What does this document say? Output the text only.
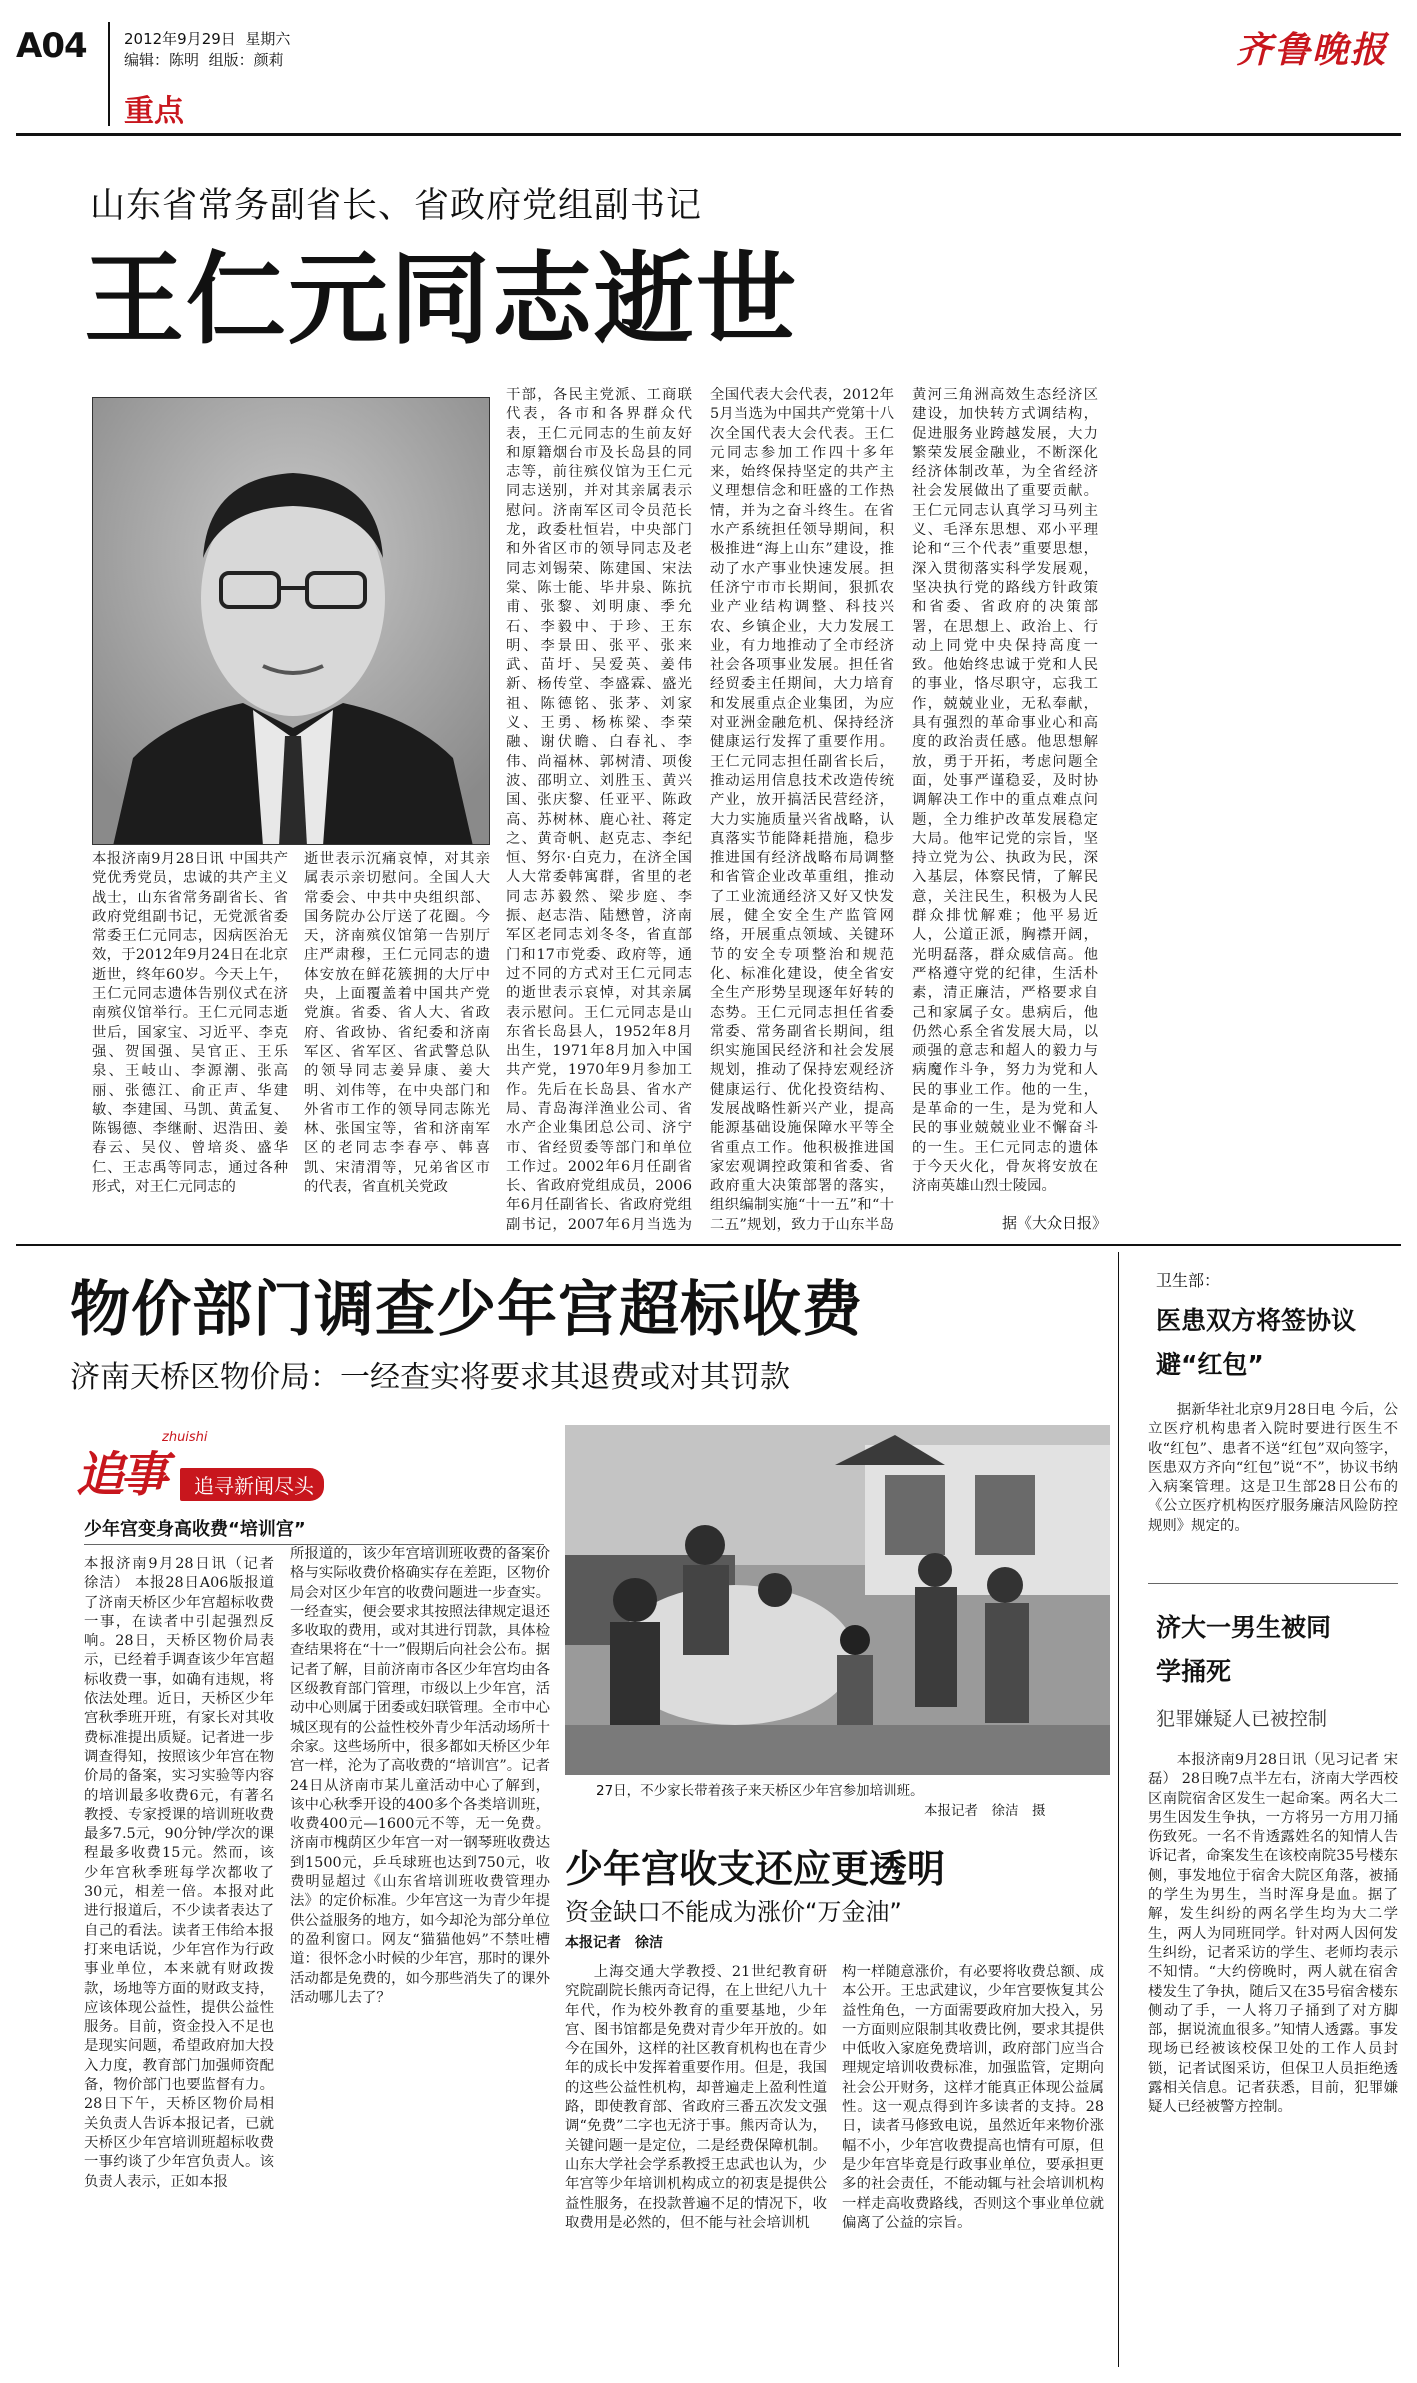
A04 2012年9月29日 星期六
编辑：陈明 组版：颜莉
重点
齐鲁晚报
山东省常务副省长、省政府党组副书记
王仁元同志逝世

本报济南9月28日讯 中国共产党优秀党员，忠诚的共产主义战士，山东省常务副省长、省政府党组副书记，无党派省委常委王仁元同志，因病医治无效，于2012年9月24日在北京逝世，终年60岁。今天上午，王仁元同志遗体告别仪式在济南殡仪馆举行。王仁元同志逝世后，国家宝、习近平、李克强、贺国强、吴官正、王乐泉、王岐山、李源潮、张高丽、张德江、俞正声、华建敏、李建国、马凯、黄孟复、陈锡德、李继耐、迟浩田、姜春云、吴仪、曾培炎、盛华仁、王志禹等同志，通过各种形式，对王仁元同志的

逝世表示沉痛哀悼，对其亲属表示亲切慰问。全国人大常委会、中共中央组织部、国务院办公厅送了花圈。今天，济南殡仪馆第一告别厅庄严肃穆，王仁元同志的遗体安放在鲜花簇拥的大厅中央，上面覆盖着中国共产党党旗。省委、省人大、省政府、省政协、省纪委和济南军区、省军区、省武警总队的领导同志姜异康、姜大明、刘伟等，在中央部门和外省市工作的领导同志陈光林、张国宝等，省和济南军区的老同志李春亭、韩喜凯、宋清渭等，兄弟省区市的代表，省直机关党政

干部，各民主党派、工商联代表，各市和各界群众代表，王仁元同志的生前友好和原籍烟台市及长岛县的同志等，前往殡仪馆为王仁元同志送别，并对其亲属表示慰问。济南军区司令员范长龙，政委杜恒岩，中央部门和外省区市的领导同志及老同志刘锡荣、陈建国、宋法棠、陈士能、毕井泉、陈抗甫、张黎、刘明康、季允石、李毅中、于珍、王东明、李景田、张平、张来武、苗圩、吴爱英、姜伟新、杨传堂、李盛霖、盛光祖、陈德铭、张茅、刘家义、王勇、杨栋梁、李荣融、谢伏瞻、白春礼、李伟、尚福林、郭树清、项俊波、邵明立、刘胜玉、黄兴国、张庆黎、任亚平、陈政高、苏树林、鹿心社、蒋定之、黄奇帆、赵克志、李纪恒、努尔·白克力，在济全国人大常委韩寓群，省里的老同志苏毅然、梁步庭、李振、赵志浩、陆懋曾，济南军区老同志刘冬冬，省直部门和17市党委、政府等，通过不同的方式对王仁元同志的逝世表示哀悼，对其亲属表示慰问。王仁元同志是山东省长岛县人，1952年8月出生，1971年8月加入中国共产党，1970年9月参加工作。先后在长岛县、省水产局、青岛海洋渔业公司、省水产企业集团总公司、济宁市、省经贸委等部门和单位工作过。2002年6月任副省长、省政府党组成员，2006年6月任副省长、省政府党组副书记，2007年6月当选为

全国代表大会代表，2012年5月当选为中国共产党第十八次全国代表大会代表。王仁元同志参加工作四十多年来，始终保持坚定的共产主义理想信念和旺盛的工作热情，并为之奋斗终生。在省水产系统担任领导期间，积极推进“海上山东”建设，推动了水产事业快速发展。担任济宁市市长期间，狠抓农业产业结构调整、科技兴农、乡镇企业，大力发展工业，有力地推动了全市经济社会各项事业发展。担任省经贸委主任期间，大力培育和发展重点企业集团，为应对亚洲金融危机、保持经济健康运行发挥了重要作用。王仁元同志担任副省长后，推动运用信息技术改造传统产业，放开搞活民营经济，大力实施质量兴省战略，认真落实节能降耗措施，稳步推进国有经济战略布局调整和省管企业改革重组，推动了工业流通经济又好又快发展，健全安全生产监管网络，开展重点领域、关键环节的安全专项整治和规范化、标准化建设，使全省安全生产形势呈现逐年好转的态势。王仁元同志担任省委常委、常务副省长期间，组织实施国民经济和社会发展规划，推动了保持宏观经济健康运行、优化投资结构、发展战略性新兴产业，提高能源基础设施保障水平等全省重点工作。他积极推进国家宏观调控政策和省委、省政府重大决策部署的落实，组织编制实施“十一五”和“十二五”规划，致力于山东半岛

黄河三角洲高效生态经济区建设，加快转方式调结构，促进服务业跨越发展，大力繁荣发展金融业，不断深化经济体制改革，为全省经济社会发展做出了重要贡献。王仁元同志认真学习马列主义、毛泽东思想、邓小平理论和“三个代表”重要思想，深入贯彻落实科学发展观，坚决执行党的路线方针政策和省委、省政府的决策部署，在思想上、政治上、行动上同党中央保持高度一致。他始终忠诚于党和人民的事业，恪尽职守，忘我工作，兢兢业业，无私奉献，具有强烈的革命事业心和高度的政治责任感。他思想解放，勇于开拓，考虑问题全面，处事严谨稳妥，及时协调解决工作中的重点难点问题，全力维护改革发展稳定大局。他牢记党的宗旨，坚持立党为公、执政为民，深入基层，体察民情，了解民意，关注民生，积极为人民群众排忧解难；他平易近人，公道正派，胸襟开阔，光明磊落，群众威信高。他严格遵守党的纪律，生活朴素，清正廉洁，严格要求自己和家属子女。患病后，他仍然心系全省发展大局，以顽强的意志和超人的毅力与病魔作斗争，努力为党和人民的事业工作。他的一生，是革命的一生，是为党和人民的事业兢兢业业不懈奋斗的一生。王仁元同志的遗体于今天火化，骨灰将安放在济南英雄山烈士陵园。

据《大众日报》
物价部门调查少年宫超标收费
济南天桥区物价局：一经查实将要求其退费或对其罚款
zhuishi
追事	追寻新闻尽头
少年宫变身高收费“培训宫”

本报济南9月28日讯（记者 徐洁） 本报28日A06版报道了济南天桥区少年宫超标收费一事，在读者中引起强烈反响。28日，天桥区物价局表示，已经着手调查该少年宫超标收费一事，如确有违规，将依法处理。近日，天桥区少年宫秋季班开班，有家长对其收费标准提出质疑。记者进一步调查得知，按照该少年宫在物价局的备案，实习实验等内容的培训最多收费6元，有著名教授、专家授课的培训班收费最多7.5元，90分钟/学次的课程最多收费15元。然而，该少年宫秋季班每学次都收了30元，相差一倍。本报对此进行报道后，不少读者表达了自己的看法。读者王伟给本报打来电话说，少年宫作为行政事业单位，本来就有财政拨款，场地等方面的财政支持，应该体现公益性，提供公益性服务。目前，资金投入不足也是现实问题，希望政府加大投入力度，教育部门加强师资配备，物价部门也要监督有力。28日下午，天桥区物价局相关负责人告诉本报记者，已就天桥区少年宫培训班超标收费一事约谈了少年宫负责人。该负责人表示，正如本报

所报道的，该少年宫培训班收费的备案价格与实际收费价格确实存在差距，区物价局会对区少年宫的收费问题进一步查实。一经查实，便会要求其按照法律规定退还多收取的费用，或对其进行罚款，具体检查结果将在“十一”假期后向社会公布。据记者了解，目前济南市各区少年宫均由各区级教育部门管理，市级以上少年宫，活动中心则属于团委或妇联管理。全市中心城区现有的公益性校外青少年活动场所十余家。这些场所中，很多都如天桥区少年宫一样，沦为了高收费的“培训宫”。记者24日从济南市某儿童活动中心了解到，该中心秋季开设的400多个各类培训班，收费400元—1600元不等，无一免费。济南市槐荫区少年宫一对一钢琴班收费达到1500元，乒乓球班也达到750元，收费明显超过《山东省培训班收费管理办法》的定价标准。少年宫这一为青少年提供公益服务的地方，如今却沦为部分单位的盈利窗口。网友“猫猫他妈”不禁吐槽道：很怀念小时候的少年宫，那时的课外活动都是免费的，如今那些消失了的课外活动哪儿去了？

27日，不少家长带着孩子来天桥区少年宫参加培训班。
本报记者　徐洁　摄
少年宫收支还应更透明
资金缺口不能成为涨价“万金油”
本报记者　徐洁

上海交通大学教授、21世纪教育研究院副院长熊丙奇记得，在上世纪八九十年代，作为校外教育的重要基地，少年宫、图书馆都是免费对青少年开放的。如今在国外，这样的社区教育机构也在青少年的成长中发挥着重要作用。但是，我国的这些公益性机构，却普遍走上盈利性道路，即使教育部、省政府三番五次发文强调“免费”二字也无济于事。熊丙奇认为，关键问题一是定位，二是经费保障机制。山东大学社会学系教授王忠武也认为，少年宫等少年培训机构成立的初衷是提供公益性服务，在投款普遍不足的情况下，收取费用是必然的，但不能与社会培训机

构一样随意涨价，有必要将收费总额、成本公开。王忠武建议，少年宫要恢复其公益性角色，一方面需要政府加大投入，另一方面则应限制其收费比例，要求其提供中低收入家庭免费培训，政府部门应当合理规定培训收费标准，加强监管，定期向社会公开财务，这样才能真正体现公益属性。这一观点得到许多读者的支持。28日，读者马修致电说，虽然近年来物价涨幅不小，少年宫收费提高也情有可原，但是少年宫毕竟是行政事业单位，要承担更多的社会责任，不能动辄与社会培训机构一样走高收费路线，否则这个事业单位就偏离了公益的宗旨。

卫生部：
医患双方将签协议避“红包”

据新华社北京9月28日电 今后，公立医疗机构患者入院时要进行医生不收“红包”、患者不送“红包”双向签字，医患双方齐向“红包”说“不”，协议书纳入病案管理。这是卫生部28日公布的《公立医疗机构医疗服务廉洁风险防控规则》规定的。

济大一男生被同学捅死
犯罪嫌疑人已被控制

本报济南9月28日讯（见习记者 宋磊） 28日晚7点半左右，济南大学西校区南院宿舍区发生一起命案。两名大二男生因发生争执，一方将另一方用刀捅伤致死。一名不肯透露姓名的知情人告诉记者，命案发生在该校南院35号楼东侧，事发地位于宿舍大院区角落，被捅的学生为男生，当时浑身是血。据了解，发生纠纷的两名学生均为大二学生，两人为同班同学。针对两人因何发生纠纷，记者采访的学生、老师均表示不知情。“大约傍晚时，两人就在宿舍楼发生了争执，随后又在35号宿舍楼东侧动了手，一人将刀子捅到了对方脚部，据说流血很多。”知情人透露。事发现场已经被该校保卫处的工作人员封锁，记者试图采访，但保卫人员拒绝透露相关信息。记者获悉，目前，犯罪嫌疑人已经被警方控制。
